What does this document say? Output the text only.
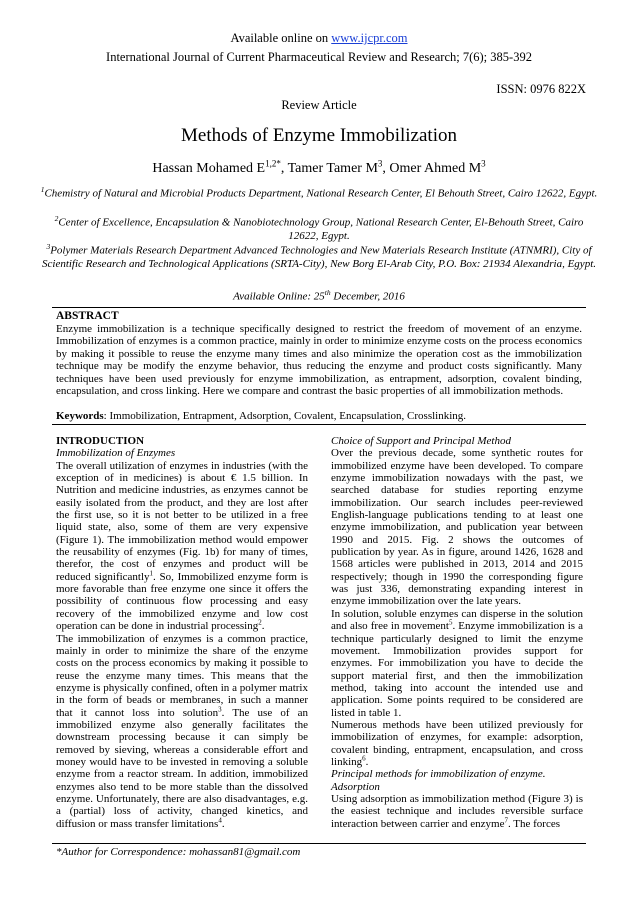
Available online on www.ijcpr.com
International Journal of Current Pharmaceutical Review and Research; 7(6); 385-392
ISSN: 0976 822X
Review Article
Methods of Enzyme Immobilization
Hassan Mohamed $E^{1,2*}$, Tamer Tamer $M^3$, Omer Ahmed $M^3$
$^1$Chemistry of Natural and Microbial Products Department, National Research Center, El Behouth Street, Cairo 12622, Egypt.
$^2$Center of Excellence, Encapsulation & Nanobiotechnology Group, National Research Center, El-Behouth Street, Cairo 12622, Egypt.
$^3$Polymer Materials Research Department Advanced Technologies and New Materials Research Institute (ATNMRI), City of Scientific Research and Technological Applications (SRTA-City), New Borg El-Arab City, P.O. Box: 21934 Alexandria, Egypt.
Available Online: 25th December, 2016
ABSTRACT
Enzyme immobilization is a technique specifically designed to restrict the freedom of movement of an enzyme. Immobilization of enzymes is a common practice, mainly in order to minimize enzyme costs on the process economics by making it possible to reuse the enzyme many times and also minimize the operation cost as the immobilization technique may be modify the enzyme behavior, thus reducing the enzyme and product costs significantly. Many techniques have been used previously for enzyme immobilization, as entrapment, adsorption, covalent binding, encapsulation, and cross linking. Here we compare and contrast the basic properties of all immobilization methods.
Keywords: Immobilization, Entrapment, Adsorption, Covalent, Encapsulation, Crosslinking.

INTRODUCTION

Immobilization of Enzymes

The overall utilization of enzymes in industries (with the exception of in medicines) is about € 1.5 billion. In Nutrition and medicine industries, as enzymes cannot be easily isolated from the product, and they are lost after the first use, so it is not better to be utilized in a free liquid state, also, some of them are very expensive (Figure 1). The immobilization method would empower the reusability of enzymes (Fig. 1b) for many of times, therefor, the cost of enzymes and product will be reduced significantly$^1$. So, Immobilized enzyme form is more favorable than free enzyme one since it offers the possibility of continuous flow processing and easy recovery of the immobilized enzyme and low cost operation can be done in industrial processing$^2$.

The immobilization of enzymes is a common practice, mainly in order to minimize the share of the enzyme costs on the process economics by making it possible to reuse the enzyme many times. This means that the enzyme is physically confined, often in a polymer matrix in the form of beads or membranes, in such a manner that it cannot loss into solution$^3$. The use of an immobilized enzyme also generally facilitates the downstream processing because it can simply be removed by sieving, whereas a considerable effort and money would have to be invested in removing a soluble enzyme from a reactor stream. In addition, immobilized enzymes also tend to be more stable than the dissolved enzyme. Unfortunately, there are also disadvantages, e.g. a (partial) loss of activity, changed kinetics, and diffusion or mass transfer limitations$^4$.

Choice of Support and Principal Method

Over the previous decade, some synthetic routes for immobilized enzyme have been developed. To compare enzyme immobilization nowadays with the past, we searched database for studies reporting enzyme immobilization. Our search includes peer-reviewed English-language publications tending to at least one enzyme immobilization, and publication year between 1990 and 2015. Fig. 2 shows the outcomes of publication by year. As in figure, around 1426, 1628 and 1568 articles were published in 2013, 2014 and 2015 respectively; though in 1990 the corresponding figure was just 336, demonstrating expanding interest in enzyme immobilization over the late years.

In solution, soluble enzymes can disperse in the solution and also free in movement$^5$. Enzyme immobilization is a technique particularly designed to limit the enzyme movement. Immobilization provides support for enzymes. For immobilization you have to decide the support material first, and then the immobilization method, taking into account the intended use and application. Some points required to be considered are listed in table 1.

Numerous methods have been utilized previously for immobilization of enzymes, for example: adsorption, covalent binding, entrapment, encapsulation, and cross linking$^6$.

Principal methods for immobilization of enzyme.

Adsorption

Using adsorption as immobilization method (Figure 3) is the easiest technique and includes reversible surface interaction between carrier and enzyme$^7$. The forces

*Author for Correspondence: mohassan81@gmail.com
